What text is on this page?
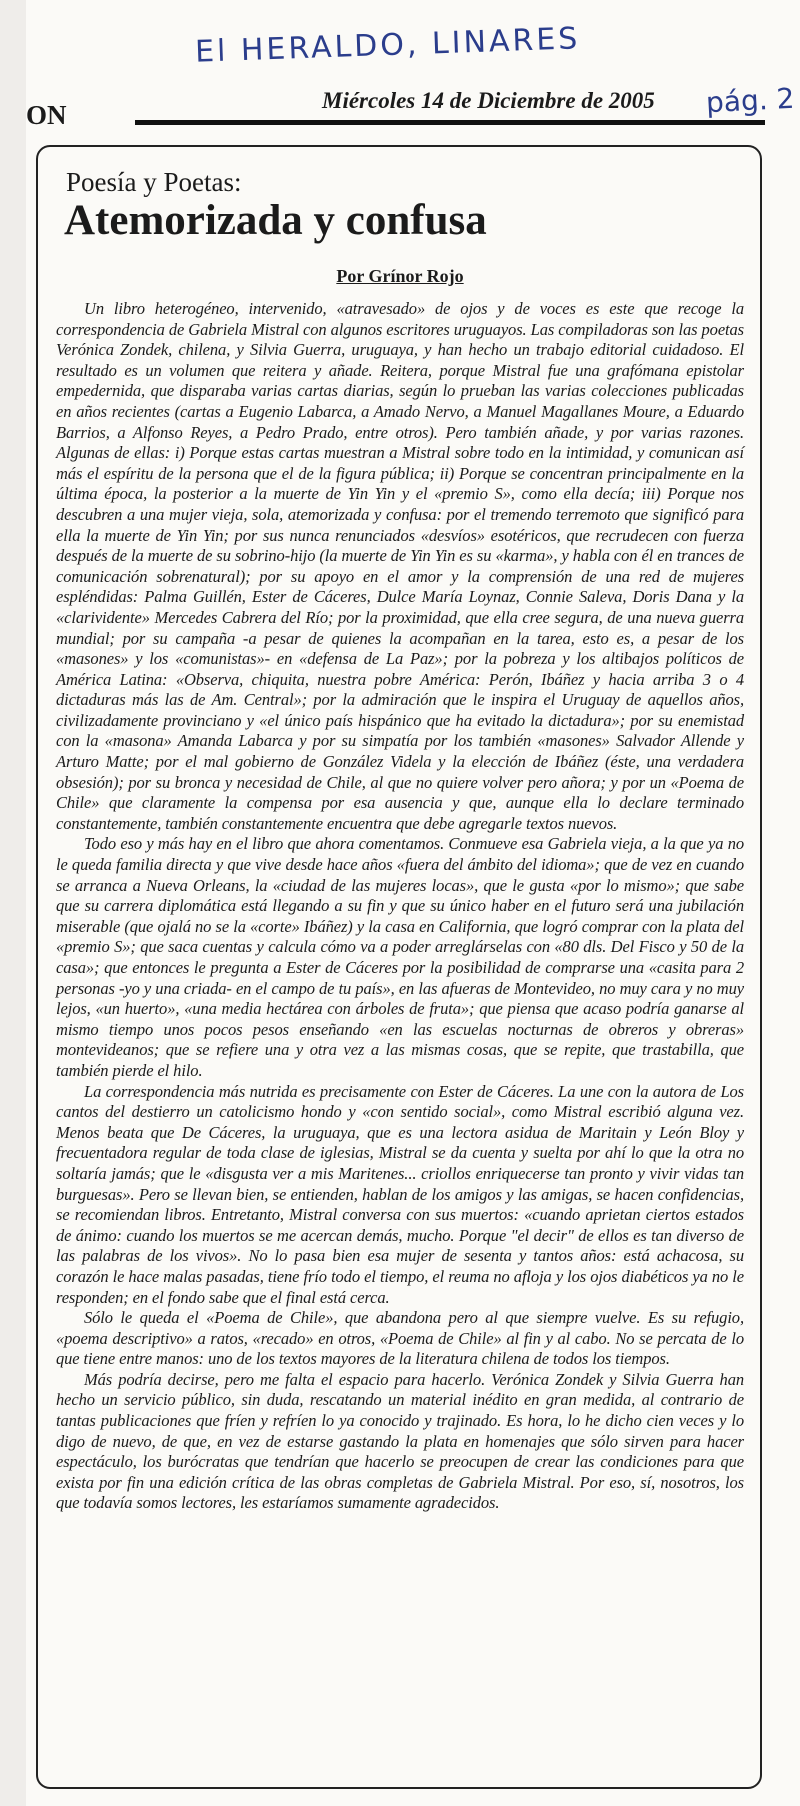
El HERALDO, LINARES
ON	Miércoles 14 de Diciembre de 2005 pág. 2
Poesía y Poetas:
Atemorizada y confusa
Por Grínor Rojo

Un libro heterogéneo, intervenido, «atravesado» de ojos y de voces es este que recoge la correspondencia de Gabriela Mistral con algunos escritores uruguayos. Las compiladoras son las poetas Verónica Zondek, chilena, y Silvia Guerra, uruguaya, y han hecho un trabajo editorial cuidadoso. El resultado es un volumen que reitera y añade. Reitera, porque Mistral fue una grafómana epistolar empedernida, que disparaba varias cartas diarias, según lo prueban las varias colecciones publicadas en años recientes (cartas a Eugenio Labarca, a Amado Nervo, a Manuel Magallanes Moure, a Eduardo Barrios, a Alfonso Reyes, a Pedro Prado, entre otros). Pero también añade, y por varias razones. Algunas de ellas: i) Porque estas cartas muestran a Mistral sobre todo en la intimidad, y comunican así más el espíritu de la persona que el de la figura pública; ii) Porque se concentran principalmente en la última época, la posterior a la muerte de Yin Yin y el «premio S», como ella decía; iii) Porque nos descubren a una mujer vieja, sola, atemorizada y confusa: por el tremendo terremoto que significó para ella la muerte de Yin Yin; por sus nunca renunciados «desvíos» esotéricos, que recrudecen con fuerza después de la muerte de su sobrino-hijo (la muerte de Yin Yin es su «karma», y habla con él en trances de comunicación sobrenatural); por su apoyo en el amor y la comprensión de una red de mujeres espléndidas: Palma Guillén, Ester de Cáceres, Dulce María Loynaz, Connie Saleva, Doris Dana y la «clarividente» Mercedes Cabrera del Río; por la proximidad, que ella cree segura, de una nueva guerra mundial; por su campaña -a pesar de quienes la acompañan en la tarea, esto es, a pesar de los «masones» y los «comunistas»- en «defensa de La Paz»; por la pobreza y los altibajos políticos de América Latina: «Observa, chiquita, nuestra pobre América: Perón, Ibáñez y hacia arriba 3 o 4 dictaduras más las de Am. Central»; por la admiración que le inspira el Uruguay de aquellos años, civilizadamente provinciano y «el único país hispánico que ha evitado la dictadura»; por su enemistad con la «masona» Amanda Labarca y por su simpatía por los también «masones» Salvador Allende y Arturo Matte; por el mal gobierno de González Videla y la elección de Ibáñez (éste, una verdadera obsesión); por su bronca y necesidad de Chile, al que no quiere volver pero añora; y por un «Poema de Chile» que claramente la compensa por esa ausencia y que, aunque ella lo declare terminado constantemente, también constantemente encuentra que debe agregarle textos nuevos.

Todo eso y más hay en el libro que ahora comentamos. Conmueve esa Gabriela vieja, a la que ya no le queda familia directa y que vive desde hace años «fuera del ámbito del idioma»; que de vez en cuando se arranca a Nueva Orleans, la «ciudad de las mujeres locas», que le gusta «por lo mismo»; que sabe que su carrera diplomática está llegando a su fin y que su único haber en el futuro será una jubilación miserable (que ojalá no se la «corte» Ibáñez) y la casa en California, que logró comprar con la plata del «premio S»; que saca cuentas y calcula cómo va a poder arreglárselas con «80 dls. Del Fisco y 50 de la casa»; que entonces le pregunta a Ester de Cáceres por la posibilidad de comprarse una «casita para 2 personas -yo y una criada- en el campo de tu país», en las afueras de Montevideo, no muy cara y no muy lejos, «un huerto», «una media hectárea con árboles de fruta»; que piensa que acaso podría ganarse al mismo tiempo unos pocos pesos enseñando «en las escuelas nocturnas de obreros y obreras» montevideanos; que se refiere una y otra vez a las mismas cosas, que se repite, que trastabilla, que también pierde el hilo.

La correspondencia más nutrida es precisamente con Ester de Cáceres. La une con la autora de Los cantos del destierro un catolicismo hondo y «con sentido social», como Mistral escribió alguna vez. Menos beata que De Cáceres, la uruguaya, que es una lectora asidua de Maritain y León Bloy y frecuentadora regular de toda clase de iglesias, Mistral se da cuenta y suelta por ahí lo que la otra no soltaría jamás; que le «disgusta ver a mis Maritenes... criollos enriquecerse tan pronto y vivir vidas tan burguesas». Pero se llevan bien, se entienden, hablan de los amigos y las amigas, se hacen confidencias, se recomiendan libros. Entretanto, Mistral conversa con sus muertos: «cuando aprietan ciertos estados de ánimo: cuando los muertos se me acercan demás, mucho. Porque "el decir" de ellos es tan diverso de las palabras de los vivos». No lo pasa bien esa mujer de sesenta y tantos años: está achacosa, su corazón le hace malas pasadas, tiene frío todo el tiempo, el reuma no afloja y los ojos diabéticos ya no le responden; en el fondo sabe que el final está cerca.

Sólo le queda el «Poema de Chile», que abandona pero al que siempre vuelve. Es su refugio, «poema descriptivo» a ratos, «recado» en otros, «Poema de Chile» al fin y al cabo. No se percata de lo que tiene entre manos: uno de los textos mayores de la literatura chilena de todos los tiempos.

Más podría decirse, pero me falta el espacio para hacerlo. Verónica Zondek y Silvia Guerra han hecho un servicio público, sin duda, rescatando un material inédito en gran medida, al contrario de tantas publicaciones que fríen y refríen lo ya conocido y trajinado. Es hora, lo he dicho cien veces y lo digo de nuevo, de que, en vez de estarse gastando la plata en homenajes que sólo sirven para hacer espectáculo, los burócratas que tendrían que hacerlo se preocupen de crear las condiciones para que exista por fin una edición crítica de las obras completas de Gabriela Mistral. Por eso, sí, nosotros, los que todavía somos lectores, les estaríamos sumamente agradecidos.
